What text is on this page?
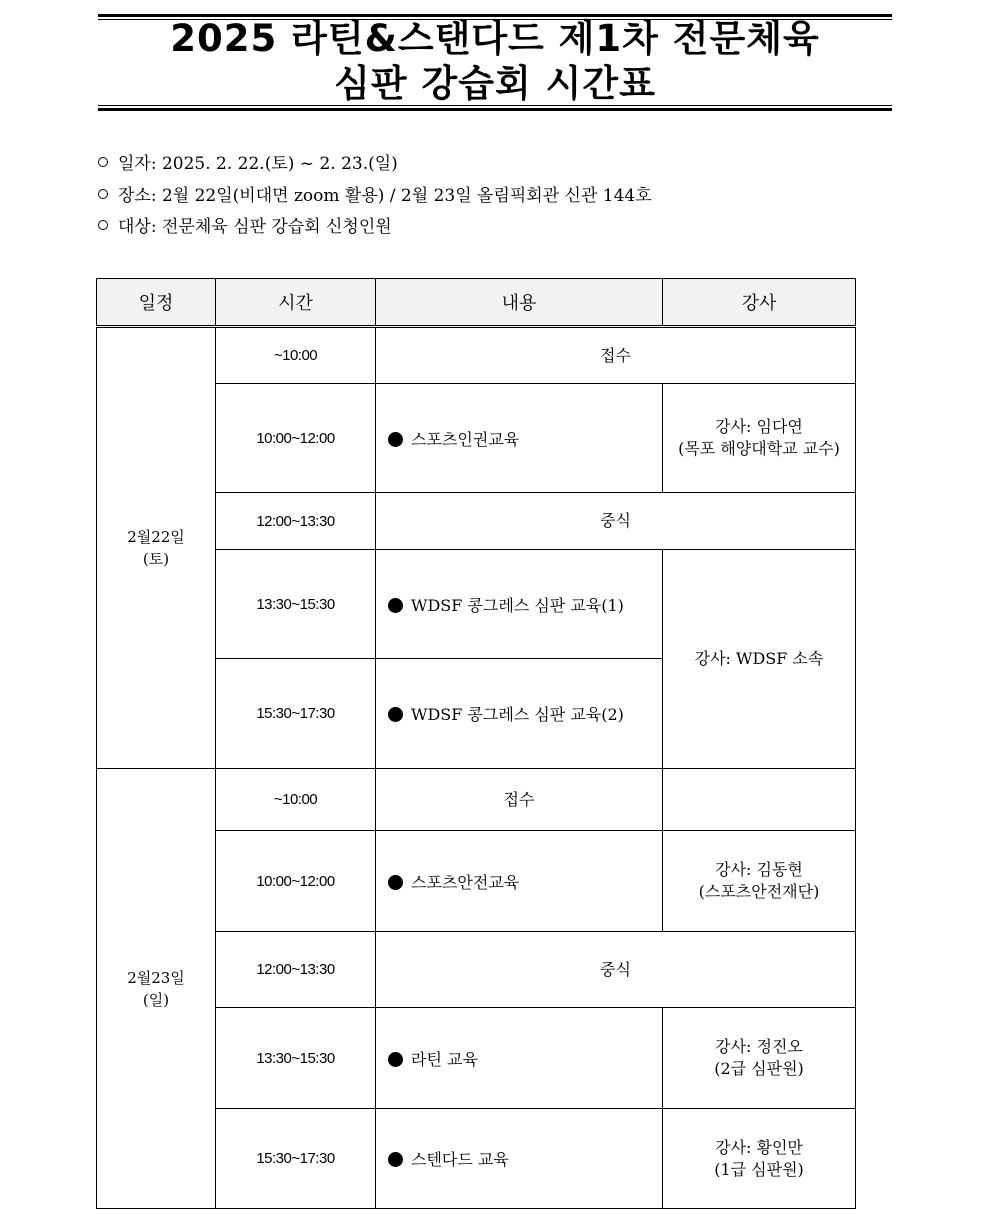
2025 라틴&스탠다드 제1차 전문체육
심판 강습회 시간표
일자: 2025. 2. 22.(토) ~ 2. 23.(일)
장소: 2월 22일(비대면 zoom 활용) / 2월 23일 올림픽회관 신관 144호
대상: 전문체육 심판 강습회 신청인원
일정	시간	내용	강사

2월22일
(토)	~10:00	접수	
	10:00~12:00	스포츠인권교육	강사: 임다연
(목포 해양대학교 교수)

	12:00~13:30	중식	
	13:30~15:30	WDSF 콩그레스 심판 교육(1)	강사: WDSF 소속
	15:30~17:30	WDSF 콩그레스 심판 교육(2)	

2월23일
(일)	~10:00	접수	
	10:00~12:00	스포츠안전교육	강사: 김동현
(스포츠안전재단)

	12:00~13:30	중식	
	13:30~15:30	라틴 교육	강사: 정진오
(2급 심판원)

	15:30~17:30	스텐다드 교육	강사: 황인만
(1급 심판원)
